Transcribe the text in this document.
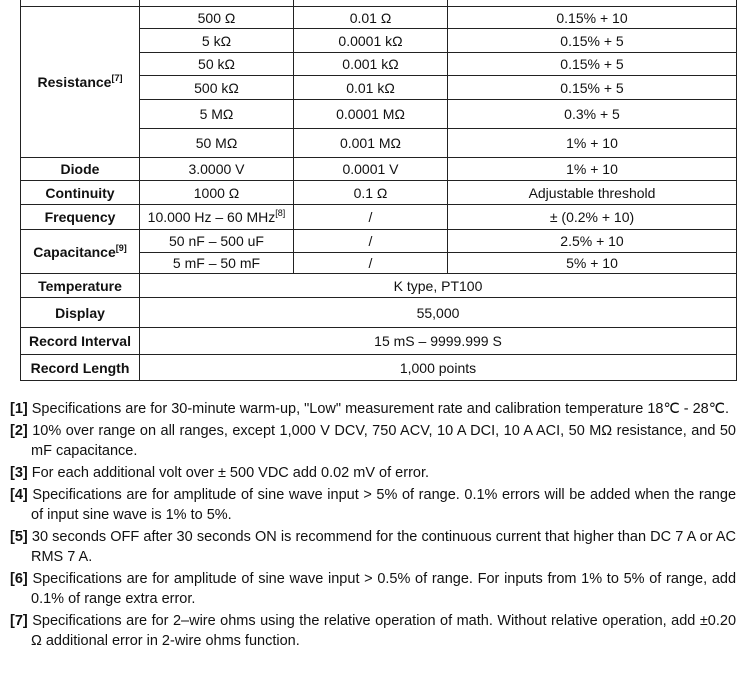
Resistance[7]	500 Ω	0.01 Ω	0.15% + 10
	5 kΩ	0.0001 kΩ	0.15% + 5
	50 kΩ	0.001 kΩ	0.15% + 5
	500 kΩ	0.01 kΩ	0.15% + 5
	5 MΩ	0.0001 MΩ	0.3% + 5
	50 MΩ	0.001 MΩ	1% + 10
Diode	3.0000 V	0.0001 V	1% + 10
Continuity	1000 Ω	0.1 Ω	Adjustable threshold
Frequency	10.000 Hz – 60 MHz[8]	/	± (0.2% + 10)
Capacitance[9]	50 nF – 500 uF	/	2.5% + 10
	5 mF – 50 mF	/	5% + 10
Temperature	K type, PT100		
Display	55,000		
Record Interval	15 mS – 9999.999 S		
Record Length	1,000 points		
[1] Specifications are for 30-minute warm-up, "Low" measurement rate and calibration temperature 18℃ - 28℃.
[2] 10% over range on all ranges, except 1,000 V DCV, 750 ACV, 10 A DCI, 10 A ACI, 50 MΩ resistance, and 50 mF capacitance.
[3] For each additional volt over ± 500 VDC add 0.02 mV of error.
[4] Specifications are for amplitude of sine wave input > 5% of range. 0.1% errors will be added when the range of input sine wave is 1% to 5%.
[5] 30 seconds OFF after 30 seconds ON is recommend for the continuous current that higher than DC 7 A or AC RMS 7 A.
[6] Specifications are for amplitude of sine wave input > 0.5% of range. For inputs from 1% to 5% of range, add 0.1% of range extra error.
[7] Specifications are for 2–wire ohms using the relative operation of math. Without relative operation, add ±0.20 Ω additional error in 2-wire ohms function.
